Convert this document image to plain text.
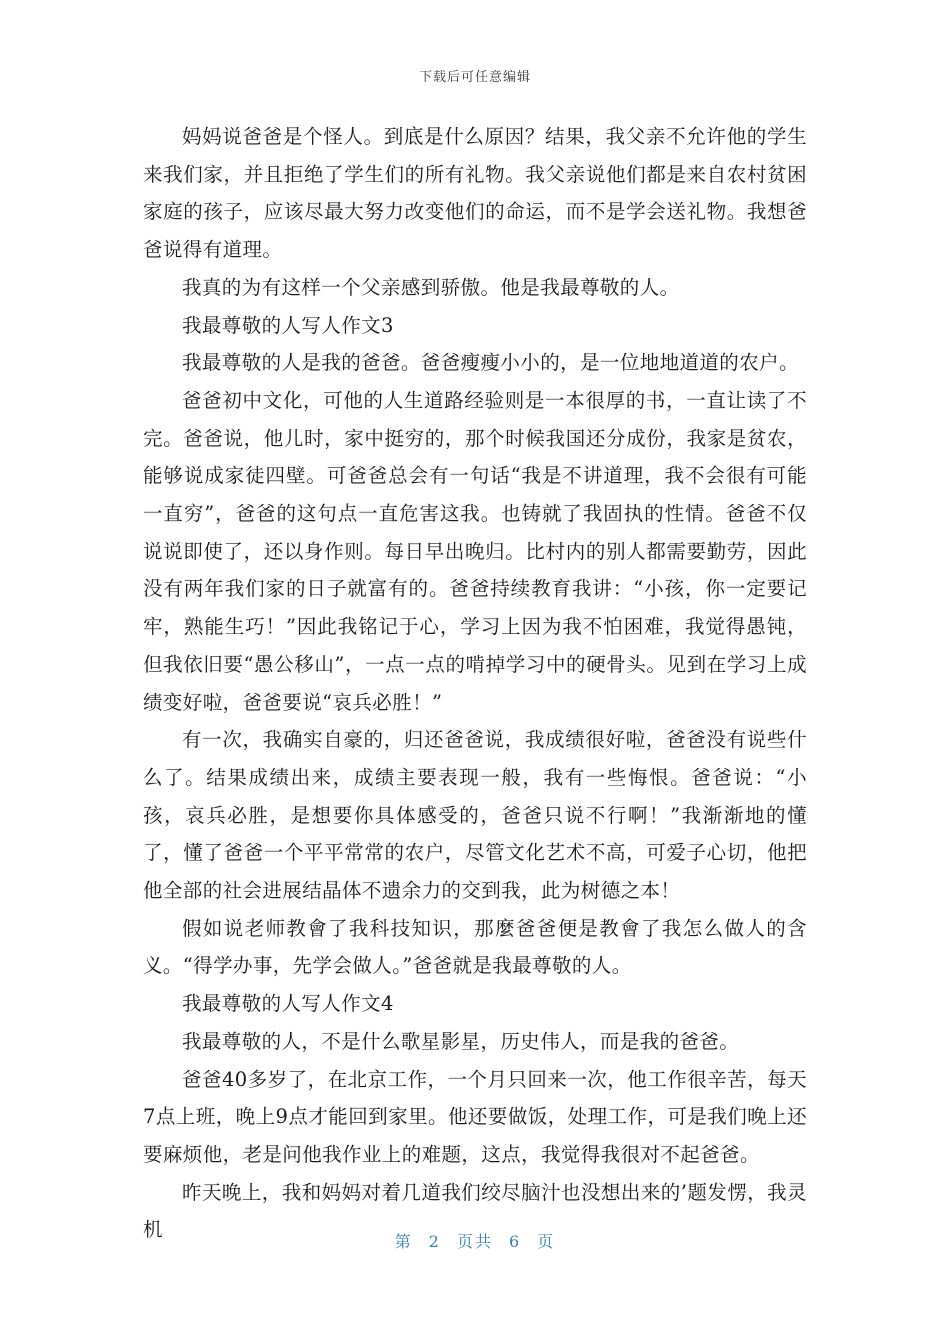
下载后可任意编辑

妈妈说爸爸是个怪人。到底是什么原因？结果，我父亲不允许他的学生来我们家，并且拒绝了学生们的所有礼物。我父亲说他们都是来自农村贫困家庭的孩子，应该尽最大努力改变他们的命运，而不是学会送礼物。我想爸爸说得有道理。

我真的为有这样一个父亲感到骄傲。他是我最尊敬的人。

我最尊敬的人写人作文3

我最尊敬的人是我的爸爸。爸爸瘦瘦小小的，是一位地地道道的农户。

爸爸初中文化，可他的人生道路经验则是一本很厚的书，一直让读了不完。爸爸说，他儿时，家中挺穷的，那个时候我国还分成份，我家是贫农，能够说成家徒四壁。可爸爸总会有一句话“我是不讲道理，我不会很有可能一直穷”，爸爸的这句点一直危害这我。也铸就了我固执的性情。爸爸不仅说说即使了，还以身作则。每日早出晚归。比村内的别人都需要勤劳，因此没有两年我们家的日子就富有的。爸爸持续教育我讲：“小孩，你一定要记牢，熟能生巧！”因此我铭记于心，学习上因为我不怕困难，我觉得愚钝，但我依旧要“愚公移山”，一点一点的啃掉学习中的硬骨头。见到在学习上成绩变好啦，爸爸要说“哀兵必胜！”

有一次，我确实自豪的，归还爸爸说，我成绩很好啦，爸爸没有说些什么了。结果成绩出来，成绩主要表现一般，我有一些悔恨。爸爸说：“小孩，哀兵必胜，是想要你具体感受的，爸爸只说不行啊！”我渐渐地的懂了，懂了爸爸一个平平常常的农户，尽管文化艺术不高，可爱子心切，他把他全部的社会进展结晶体不遗余力的交到我，此为树德之本！

假如说老师教會了我科技知识，那麼爸爸便是教會了我怎么做人的含义。“得学办事，先学会做人。”爸爸就是我最尊敬的人。

我最尊敬的人写人作文4

我最尊敬的人，不是什么歌星影星，历史伟人，而是我的爸爸。

爸爸40多岁了，在北京工作，一个月只回来一次，他工作很辛苦，每天7点上班，晚上9点才能回到家里。他还要做饭，处理工作，可是我们晚上还要麻烦他，老是问他我作业上的难题，这点，我觉得我很对不起爸爸。

昨天晚上，我和妈妈对着几道我们绞尽脑汁也没想出来的’题发愣，我灵机

第 2 页共 6 页
